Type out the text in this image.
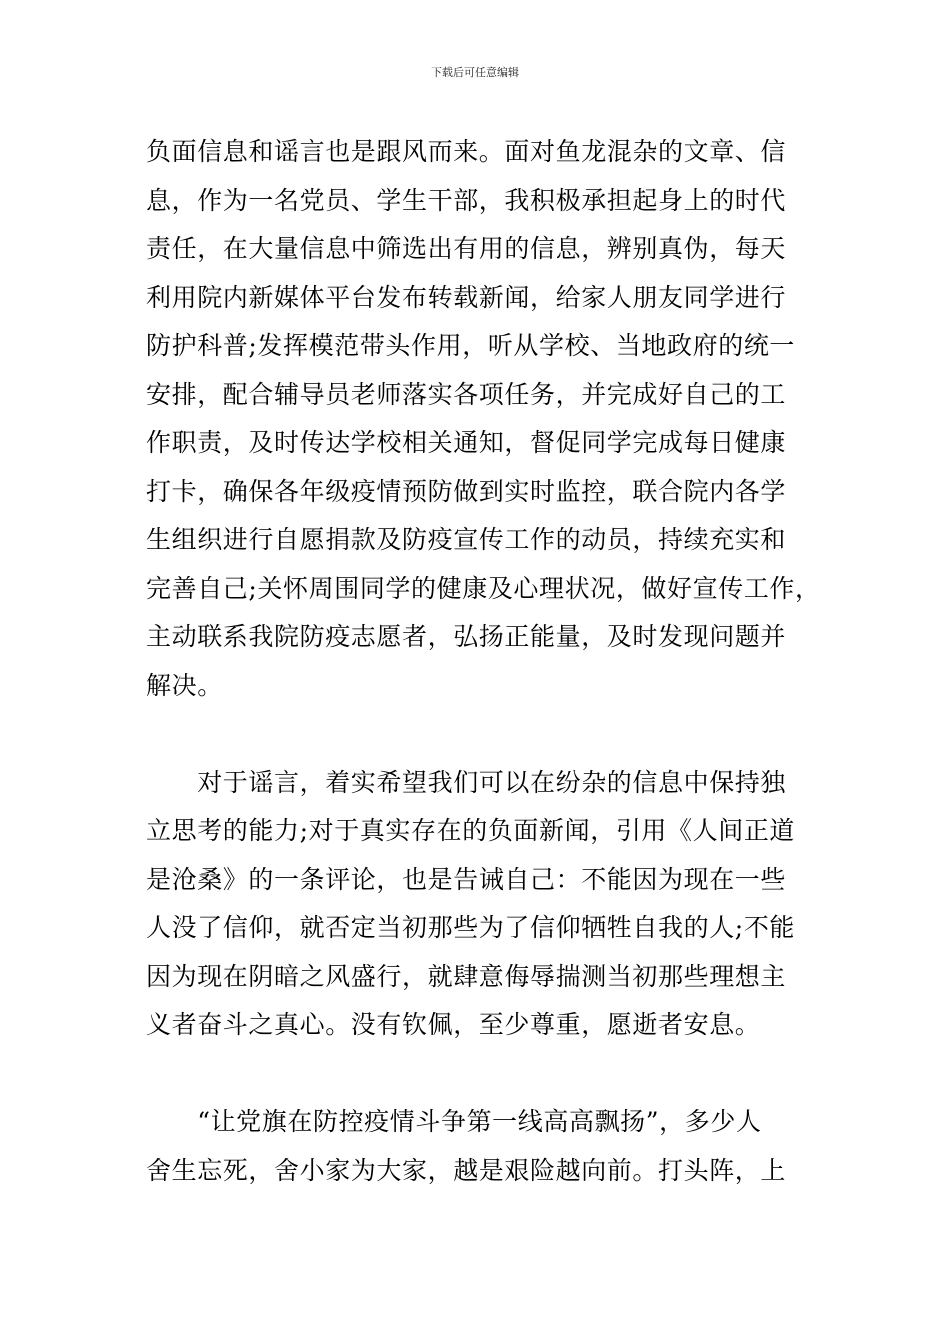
下载后可任意编辑
负面信息和谣言也是跟风而来。面对鱼龙混杂的文章、信
息，作为一名党员、学生干部，我积极承担起身上的时代
责任，在大量信息中筛选出有用的信息，辨别真伪，每天
利用院内新媒体平台发布转载新闻，给家人朋友同学进行
防护科普;发挥模范带头作用，听从学校、当地政府的统一
安排，配合辅导员老师落实各项任务，并完成好自己的工
作职责，及时传达学校相关通知，督促同学完成每日健康
打卡，确保各年级疫情预防做到实时监控，联合院内各学
生组织进行自愿捐款及防疫宣传工作的动员，持续充实和
完善自己;关怀周围同学的健康及心理状况，做好宣传工作，
主动联系我院防疫志愿者，弘扬正能量，及时发现问题并
解决。
　　对于谣言，着实希望我们可以在纷杂的信息中保持独
立思考的能力;对于真实存在的负面新闻，引用《人间正道
是沧桑》的一条评论，也是告诫自己：不能因为现在一些
人没了信仰，就否定当初那些为了信仰牺牲自我的人;不能
因为现在阴暗之风盛行，就肆意侮辱揣测当初那些理想主
义者奋斗之真心。没有钦佩，至少尊重，愿逝者安息。
　　“让党旗在防控疫情斗争第一线高高飘扬”，多少人
舍生忘死，舍小家为大家，越是艰险越向前。打头阵，上
